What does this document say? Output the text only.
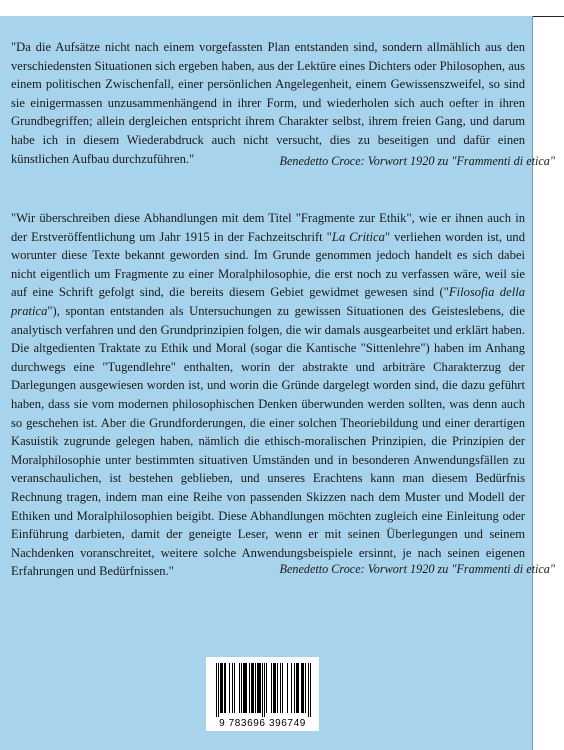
"Da die Aufsätze nicht nach einem vorgefassten Plan entstanden sind, sondern allmählich aus den verschiedensten Situationen sich ergeben haben, aus der Lektüre eines Dichters oder Philosophen, aus einem politischen Zwischenfall, einer persönlichen Angelegenheit, einem Gewissenszweifel, so sind sie einigermassen unzusammenhängend in ihrer Form, und wiederholen sich auch oefter in ihren Grundbegriffen; allein dergleichen entspricht ihrem Charakter selbst, ihrem freien Gang, und darum habe ich in diesem Wiederabdruck auch nicht versucht, dies zu beseitigen und dafür einen künstlichen Aufbau durchzuführen."	Benedetto Croce: Vorwort 1920 zu "Frammenti di etica"

"Wir überschreiben diese Abhandlungen mit dem Titel "Fragmente zur Ethik", wie er ihnen auch in der Erstveröffentlichung um Jahr 1915 in der Fachzeitschrift "La Critica" verliehen worden ist, und worunter diese Texte bekannt geworden sind. Im Grunde genommen jedoch handelt es sich dabei nicht eigentlich um Fragmente zu einer Moralphilosophie, die erst noch zu verfassen wäre, weil sie auf eine Schrift gefolgt sind, die bereits diesem Gebiet gewidmet gewesen sind ("Filosofia della pratica"), spontan entstanden als Untersuchungen zu gewissen Situationen des Geisteslebens, die analytisch verfahren und den Grundprinzipien folgen, die wir damals ausgearbeitet und erklärt haben. Die altgedienten Traktate zu Ethik und Moral (sogar die Kantische "Sittenlehre") haben im Anhang durchwegs eine "Tugendlehre" enthalten, worin der abstrakte und arbiträre Charakterzug der Darlegungen ausgewiesen worden ist, und worin die Gründe dargelegt worden sind, die dazu geführt haben, dass sie vom modernen philosophischen Denken überwunden werden sollten, was denn auch so geschehen ist. Aber die Grundforderungen, die einer solchen Theoriebildung und einer derartigen Kasuistik zugrunde gelegen haben, nämlich die ethisch-moralischen Prinzipien, die Prinzipien der Moralphilosophie unter bestimmten situativen Umständen und in besonderen Anwendungsfällen zu veranschaulichen, ist bestehen geblieben, und unseres Erachtens kann man diesem Bedürfnis Rechnung tragen, indem man eine Reihe von passenden Skizzen nach dem Muster und Modell der Ethiken und Moralphilosophien beigibt. Diese Abhandlungen möchten zugleich eine Einleitung oder Einführung darbieten, damit der geneigte Leser, wenn er mit seinen Überlegungen und seinem Nachdenken voranschreitet, weitere solche Anwendungsbeispiele ersinnt, je nach seinen eigenen Erfahrungen und Bedürfnissen."	Benedetto Croce: Vorwort 1920 zu "Frammenti di etica"

9 783696 396749
